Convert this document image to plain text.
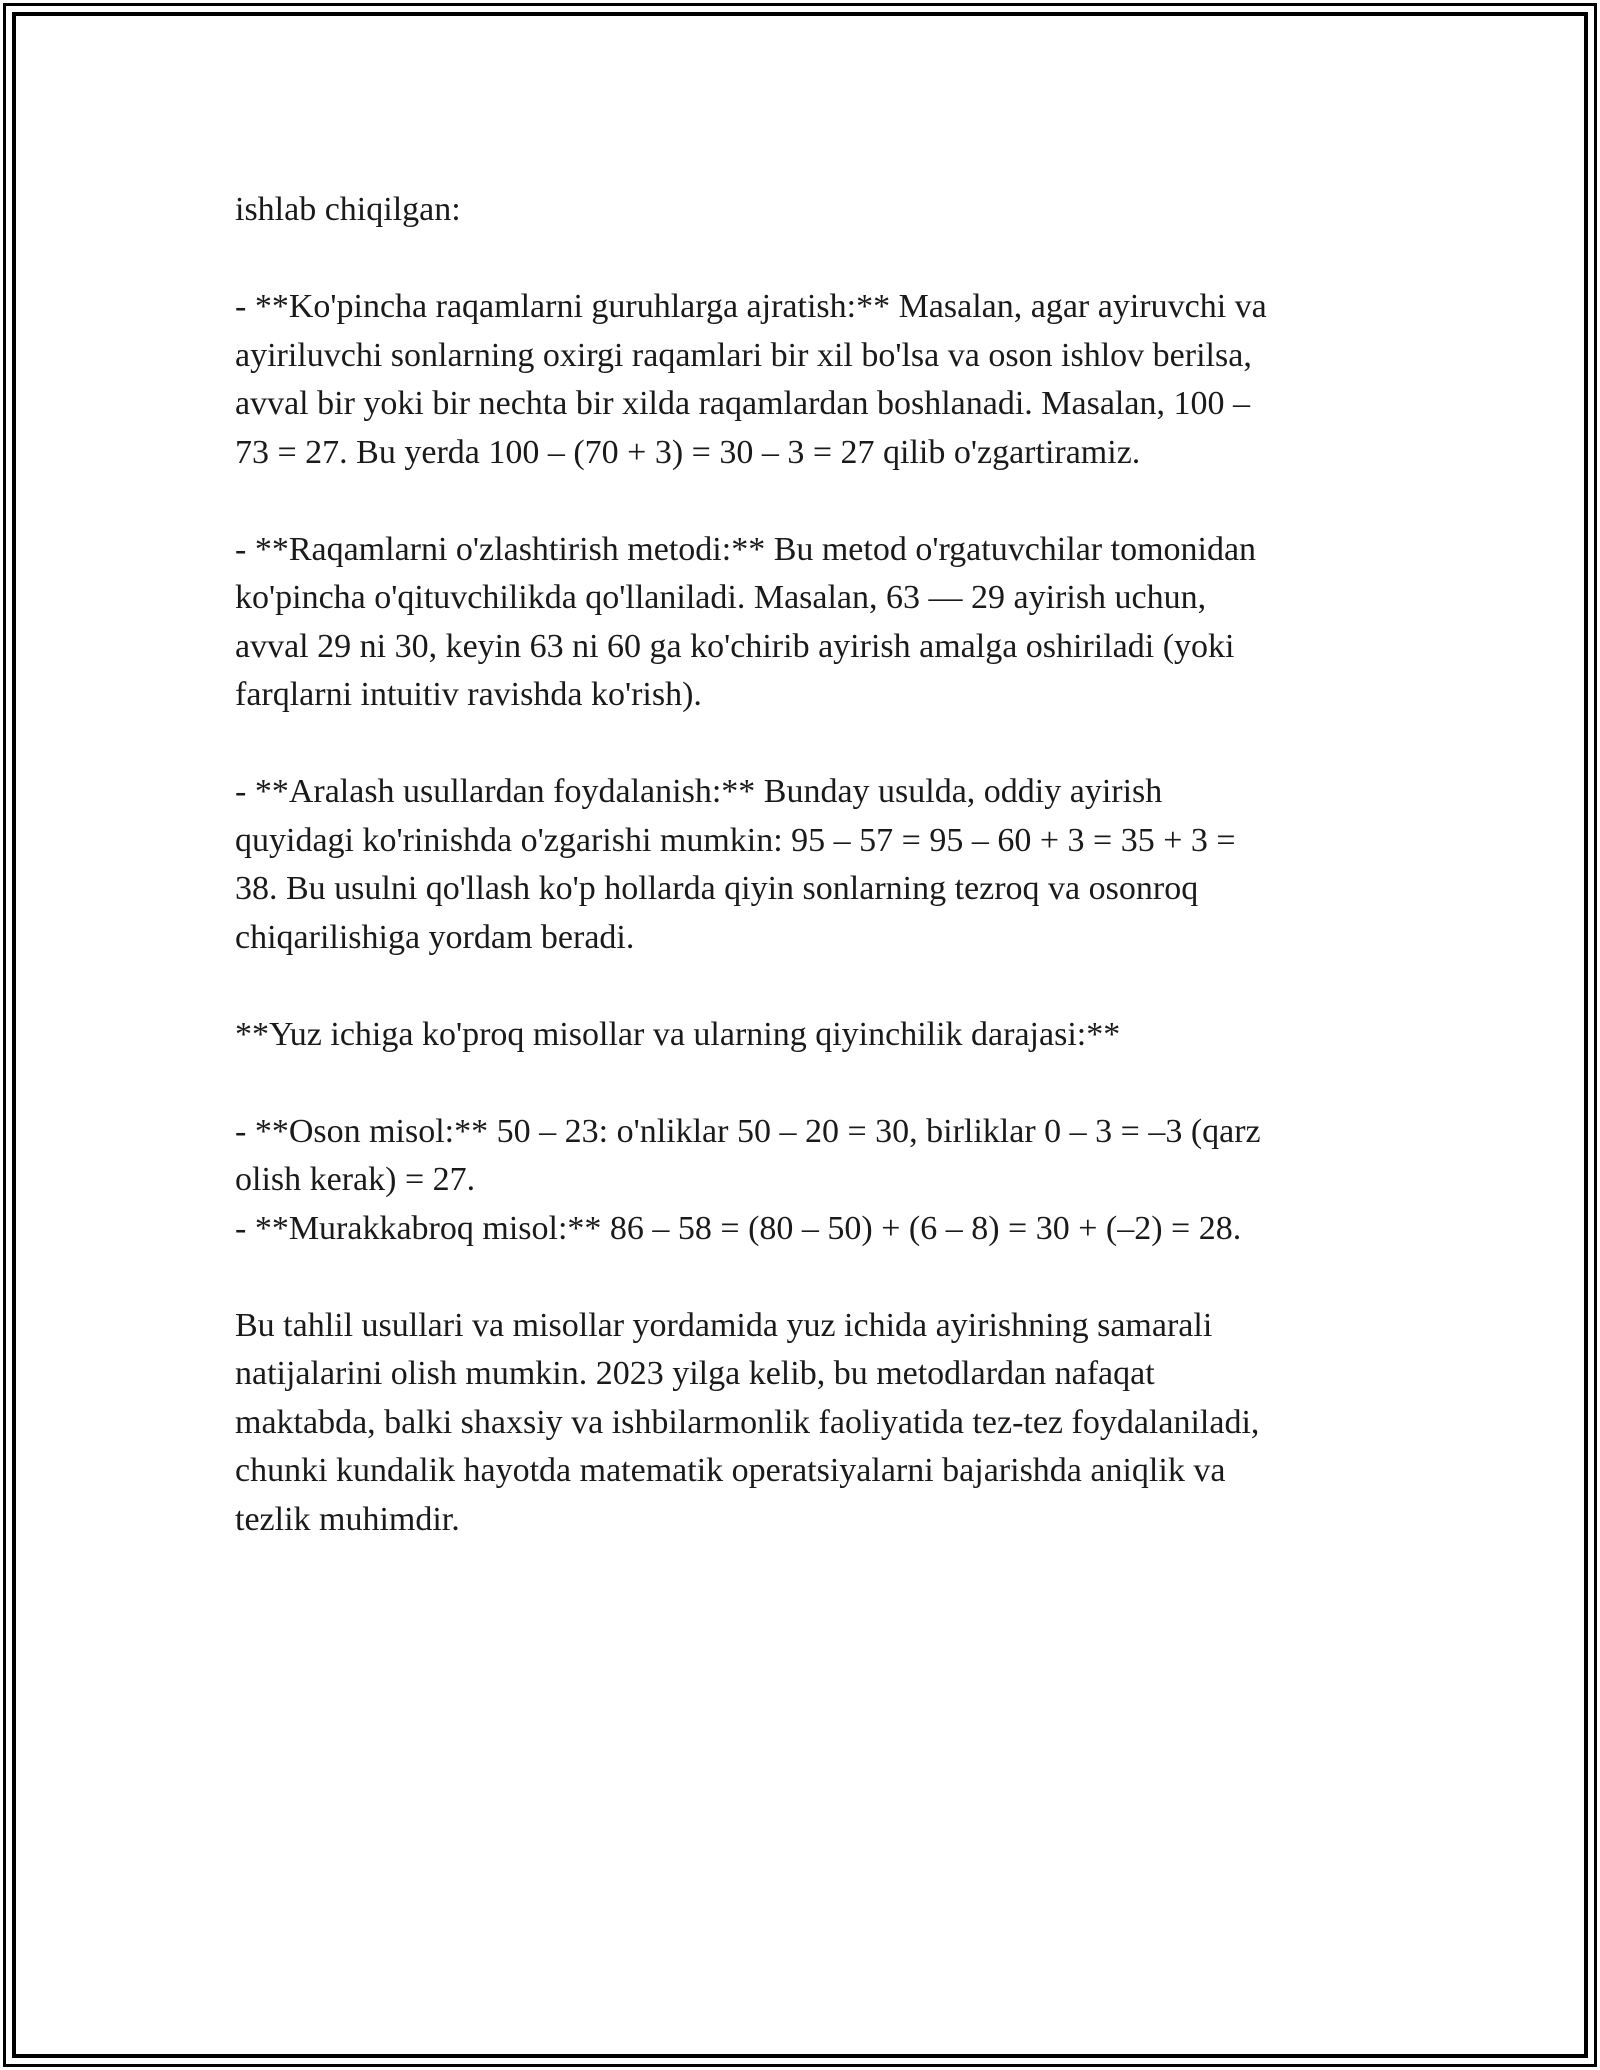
ishlab chiqilgan:

- **Ko'pincha raqamlarni guruhlarga ajratish:** Masalan, agar ayiruvchi va
ayiriluvchi sonlarning oxirgi raqamlari bir xil bo'lsa va oson ishlov berilsa,
avval bir yoki bir nechta bir xilda raqamlardan boshlanadi. Masalan, 100 –
73 = 27. Bu yerda 100 – (70 + 3) = 30 – 3 = 27 qilib o'zgartiramiz.

- **Raqamlarni o'zlashtirish metodi:** Bu metod o'rgatuvchilar tomonidan
ko'pincha o'qituvchilikda qo'llaniladi. Masalan, 63 — 29 ayirish uchun,
avval 29 ni 30, keyin 63 ni 60 ga ko'chirib ayirish amalga oshiriladi (yoki
farqlarni intuitiv ravishda ko'rish).

- **Aralash usullardan foydalanish:** Bunday usulda, oddiy ayirish
quyidagi ko'rinishda o'zgarishi mumkin: 95 – 57 = 95 – 60 + 3 = 35 + 3 =
38. Bu usulni qo'llash ko'p hollarda qiyin sonlarning tezroq va osonroq
chiqarilishiga yordam beradi.

**Yuz ichiga ko'proq misollar va ularning qiyinchilik darajasi:**

- **Oson misol:** 50 – 23: o'nliklar 50 – 20 = 30, birliklar 0 – 3 = –3 (qarz
olish kerak) = 27.
- **Murakkabroq misol:** 86 – 58 = (80 – 50) + (6 – 8) = 30 + (–2) = 28.

Bu tahlil usullari va misollar yordamida yuz ichida ayirishning samarali
natijalarini olish mumkin. 2023 yilga kelib, bu metodlardan nafaqat
maktabda, balki shaxsiy va ishbilarmonlik faoliyatida tez-tez foydalaniladi,
chunki kundalik hayotda matematik operatsiyalarni bajarishda aniqlik va
tezlik muhimdir.
